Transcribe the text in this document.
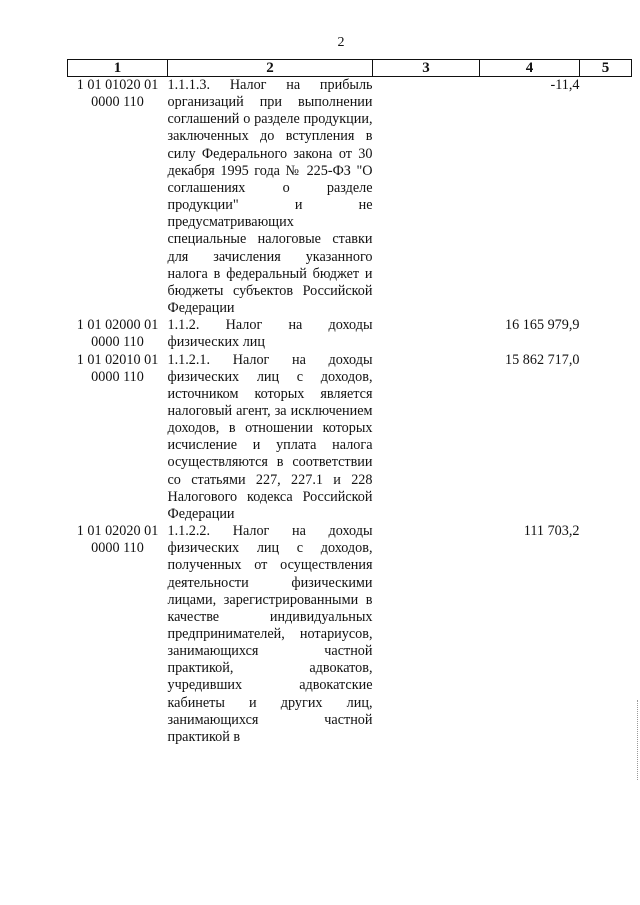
2
1	2	3	4	5
1 01 01020 01 0000 110	1.1.1.3. Налог на прибыль организаций при выполнении соглашений о разделе продукции, заключенных до вступления в силу Федерального закона от 30 декабря 1995 года № 225-ФЗ "О соглашениях о разделе продукции" и не предусматривающих специальные налоговые ставки для зачисления указанного налога в федеральный бюджет и бюджеты субъектов Российской Федерации		-11,4	
1 01 02000 01 0000 110	1.1.2. Налог на доходы физических лиц		16 165 979,9	
1 01 02010 01 0000 110	1.1.2.1. Налог на доходы физических лиц с доходов, источником которых является налоговый агент, за исключением доходов, в отношении которых исчисление и уплата налога осуществляются в соответствии со статьями 227, 227.1 и 228 Налогового кодекса Российской Федерации		15 862 717,0	
1 01 02020 01 0000 110	1.1.2.2. Налог на доходы физических лиц с доходов, полученных от осуществления деятельности физическими лицами, зарегистрированными в качестве индивидуальных предпринимателей, нотариусов, занимающихся частной практикой, адвокатов, учредивших адвокатские кабинеты и других лиц, занимающихся частной практикой в		111 703,2	
